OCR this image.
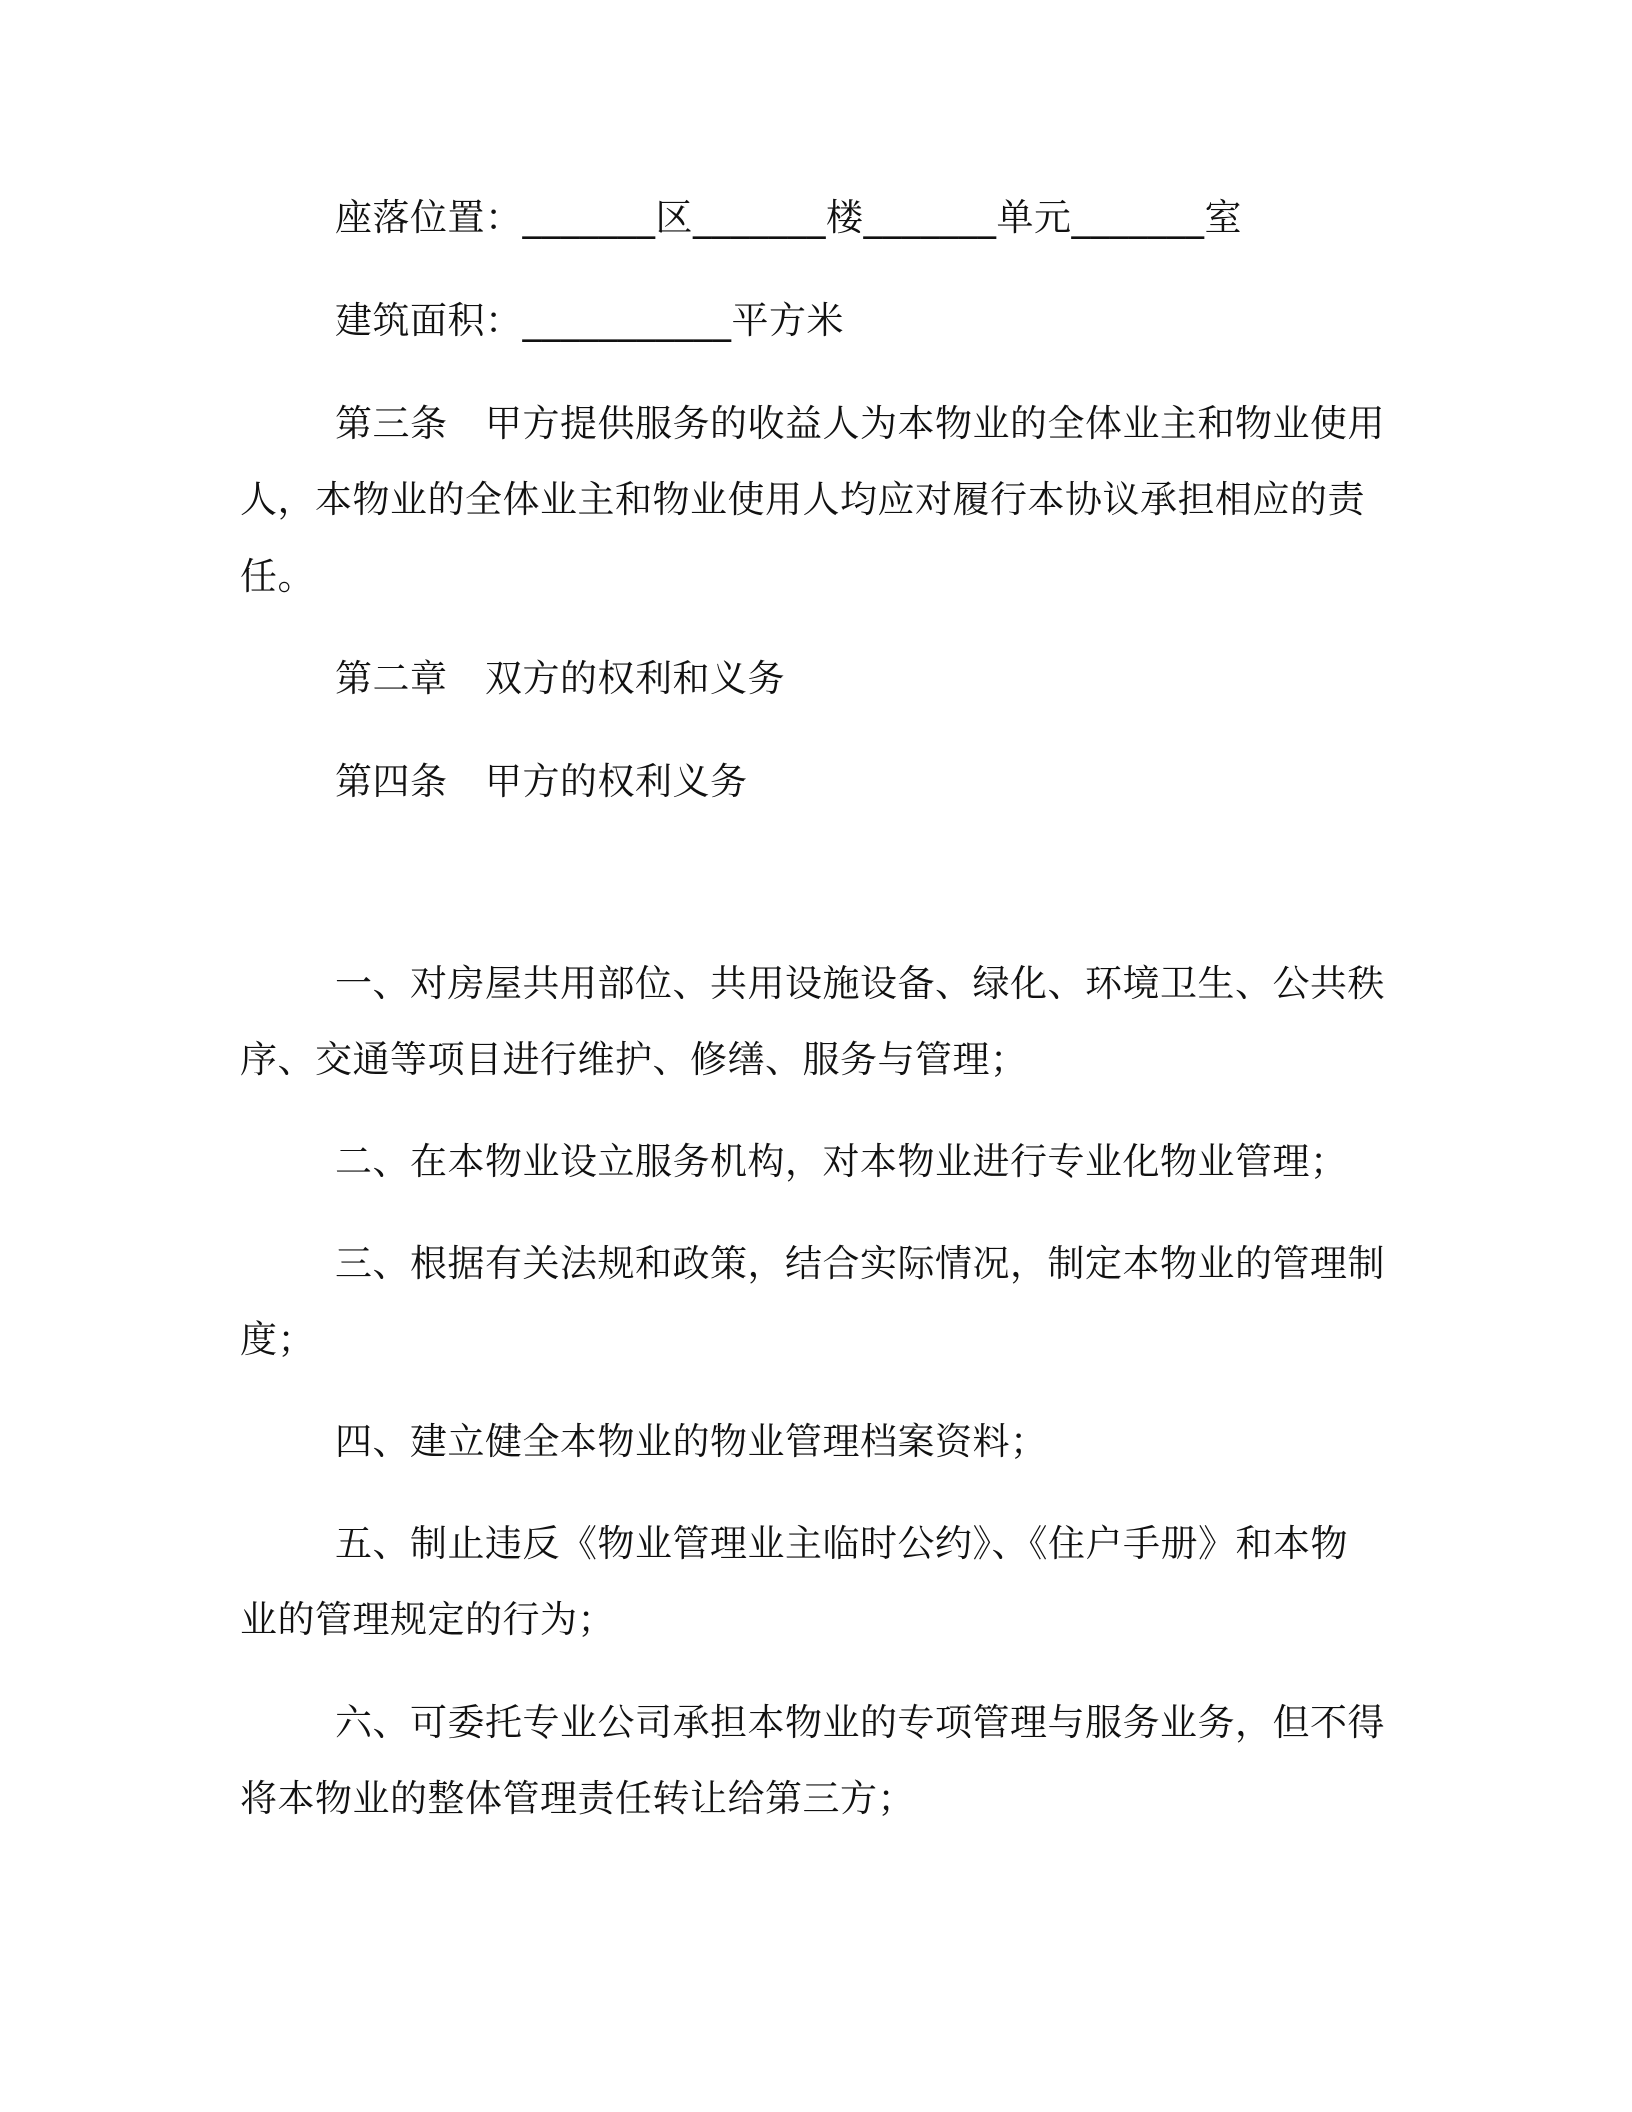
座落位置：_______区_______楼_______单元_______室
建筑面积：___________平方米
第三条　甲方提供服务的收益人为本物业的全体业主和物业使用
人，本物业的全体业主和物业使用人均应对履行本协议承担相应的责
任。
第二章　双方的权利和义务
第四条　甲方的权利义务
一、对房屋共用部位、共用设施设备、绿化、环境卫生、公共秩
序、交通等项目进行维护、修缮、服务与管理；
二、在本物业设立服务机构，对本物业进行专业化物业管理；
三、根据有关法规和政策，结合实际情况，制定本物业的管理制
度；
四、建立健全本物业的物业管理档案资料；
五、制止违反《物业管理业主临时公约》、《住户手册》和本物
业的管理规定的行为；
六、可委托专业公司承担本物业的专项管理与服务业务，但不得
将本物业的整体管理责任转让给第三方；
